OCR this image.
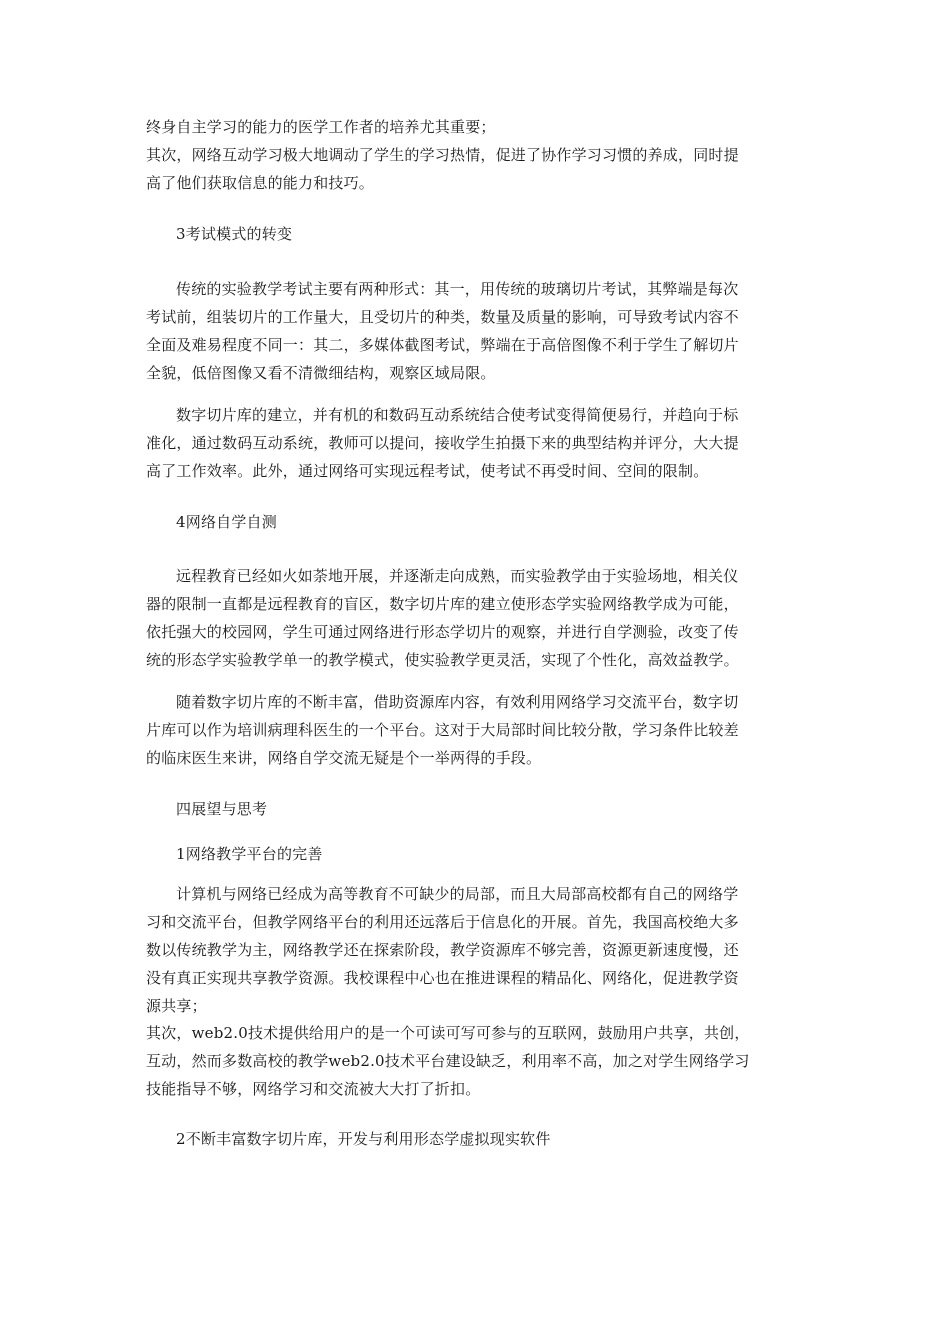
终身自主学习的能力的医学工作者的培养尤其重要；
其次，网络互动学习极大地调动了学生的学习热情，促进了协作学习习惯的养成，同时提
高了他们获取信息的能力和技巧。
3考试模式的转变
传统的实验教学考试主要有两种形式：其一，用传统的玻璃切片考试，其弊端是每次
考试前，组装切片的工作量大，且受切片的种类，数量及质量的影响，可导致考试内容不
全面及难易程度不同一：其二，多媒体截图考试，弊端在于高倍图像不利于学生了解切片
全貌，低倍图像又看不清微细结构，观察区域局限。
数字切片库的建立，并有机的和数码互动系统结合使考试变得简便易行，并趋向于标
准化，通过数码互动系统，教师可以提问，接收学生拍摄下来的典型结构并评分，大大提
高了工作效率。此外，通过网络可实现远程考试，使考试不再受时间、空间的限制。
4网络自学自测
远程教育已经如火如荼地开展，并逐渐走向成熟，而实验教学由于实验场地，相关仪
器的限制一直都是远程教育的盲区，数字切片库的建立使形态学实验网络教学成为可能，
依托强大的校园网，学生可通过网络进行形态学切片的观察，并进行自学测验，改变了传
统的形态学实验教学单一的教学模式，使实验教学更灵活，实现了个性化，高效益教学。
随着数字切片库的不断丰富，借助资源库内容，有效利用网络学习交流平台，数字切
片库可以作为培训病理科医生的一个平台。这对于大局部时间比较分散，学习条件比较差
的临床医生来讲，网络自学交流无疑是个一举两得的手段。
四展望与思考
1网络教学平台的完善
计算机与网络已经成为高等教育不可缺少的局部，而且大局部高校都有自己的网络学
习和交流平台，但教学网络平台的利用还远落后于信息化的开展。首先，我国高校绝大多
数以传统教学为主，网络教学还在探索阶段，教学资源库不够完善，资源更新速度慢，还
没有真正实现共享教学资源。我校课程中心也在推进课程的精品化、网络化，促进教学资
源共享；
其次，web2.0技术提供给用户的是一个可读可写可参与的互联网，鼓励用户共享，共创，
互动，然而多数高校的教学web2.0技术平台建设缺乏，利用率不高，加之对学生网络学习
技能指导不够，网络学习和交流被大大打了折扣。
2不断丰富数字切片库，开发与利用形态学虚拟现实软件
